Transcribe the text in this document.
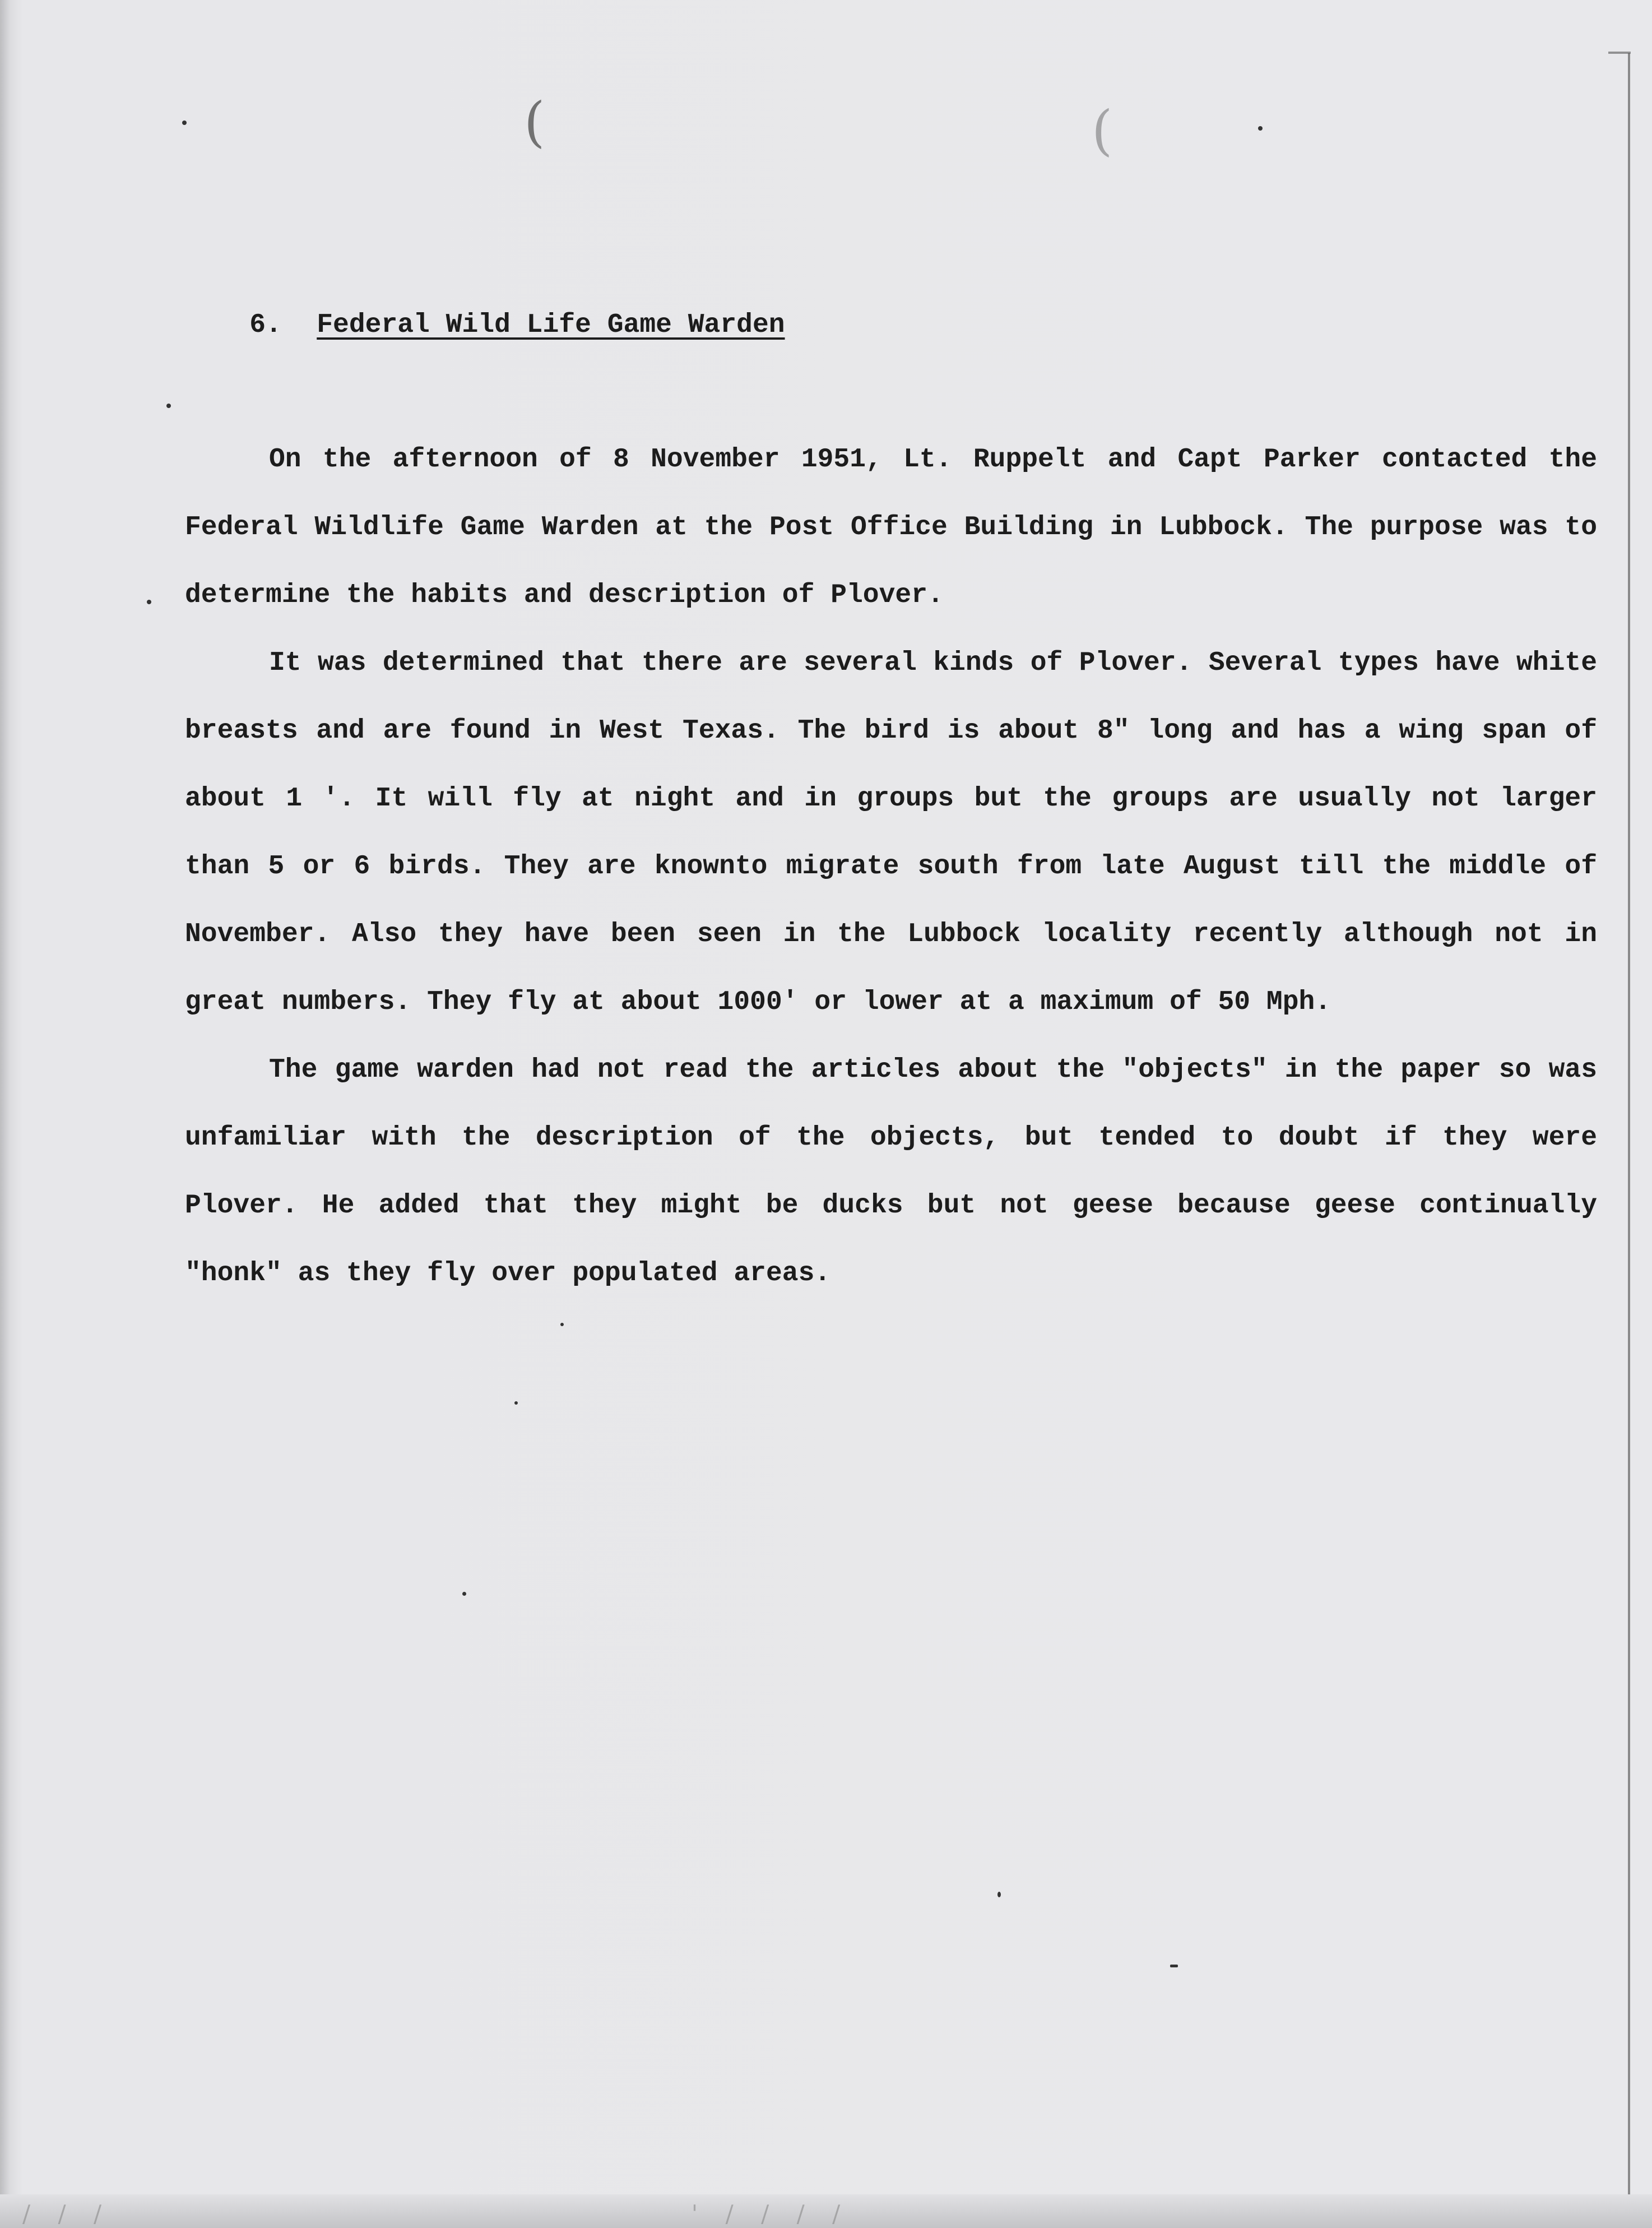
(	(

6. Federal Wild Life Game Warden

On the afternoon of 8 November 1951, Lt. Ruppelt and Capt Parker contacted the Federal Wildlife Game Warden at the Post Office Building in Lubbock. The purpose was to determine the habits and description of Plover.

It was determined that there are several kinds of Plover. Several types have white breasts and are found in West Texas. The bird is about 8" long and has a wing span of about 1 '. It will fly at night and in groups but the groups are usually not larger than 5 or 6 birds. They are knownto migrate south from late August till the middle of November. Also they have been seen in the Lubbock locality recently although not in great numbers. They fly at about 1000' or lower at a maximum of 50 Mph.

The game warden had not read the articles about the "objects" in the paper so was unfamiliar with the description of the objects, but tended to doubt if they were Plover. He added that they might be ducks but not geese because geese continually "honk" as they fly over populated areas.

/ / /                                 ' / / / /
